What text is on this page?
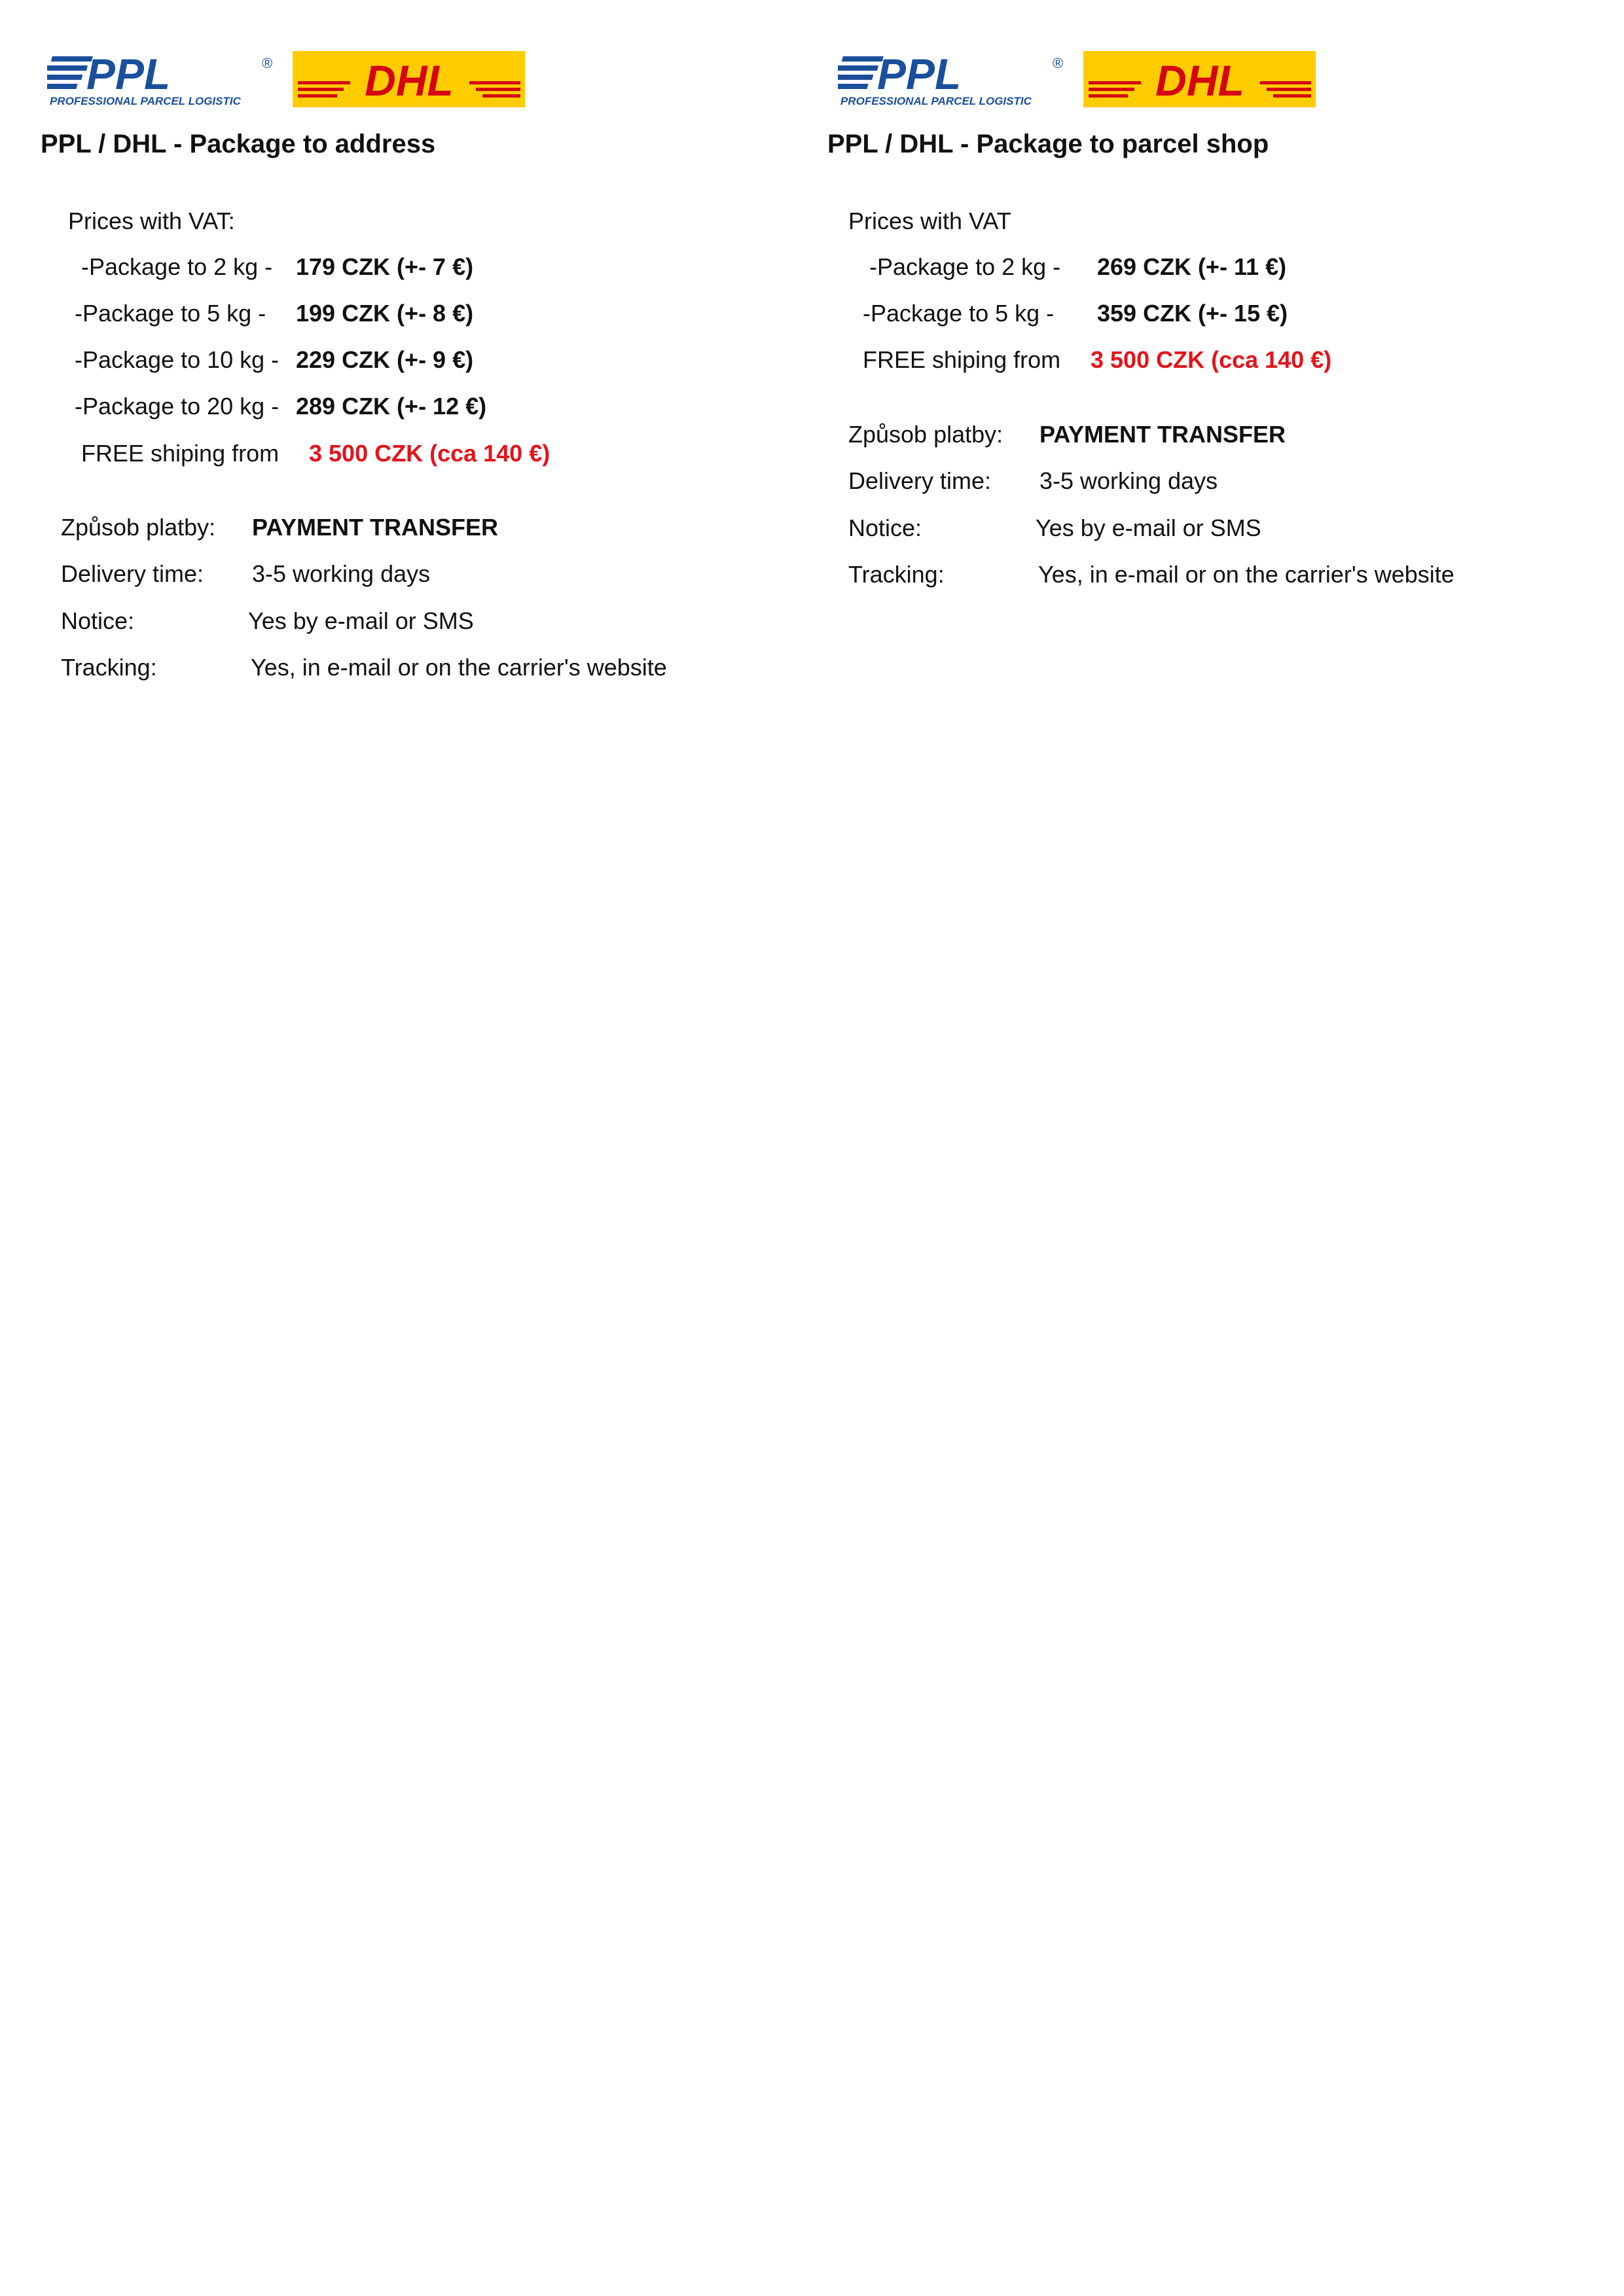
PPL	®
PROFESSIONAL PARCEL LOGISTIC	DHL
PPL / DHL - Package to address
Prices with VAT:
-Package to 2 kg - 179 CZK (+- 7 €)
-Package to 5 kg - 199 CZK (+- 8 €)
-Package to 10 kg - 229 CZK (+- 9 €)
-Package to 20 kg - 289 CZK (+- 12 €)
FREE shiping from 3 500 CZK (cca 140 €)
Způsob platby: PAYMENT TRANSFER
Delivery time: 3-5 working days
Notice:	Yes by e-mail or SMS
Tracking:	Yes, in e-mail or on the carrier's website
PPL	®
PROFESSIONAL PARCEL LOGISTIC	DHL
PPL / DHL - Package to parcel shop
Prices with VAT
-Package to 2 kg - 269 CZK (+- 11 €)
-Package to 5 kg - 359 CZK (+- 15 €)
FREE shiping from 3 500 CZK (cca 140 €)
Způsob platby: PAYMENT TRANSFER
Delivery time: 3-5 working days
Notice:	Yes by e-mail or SMS
Tracking:	Yes, in e-mail or on the carrier's website
